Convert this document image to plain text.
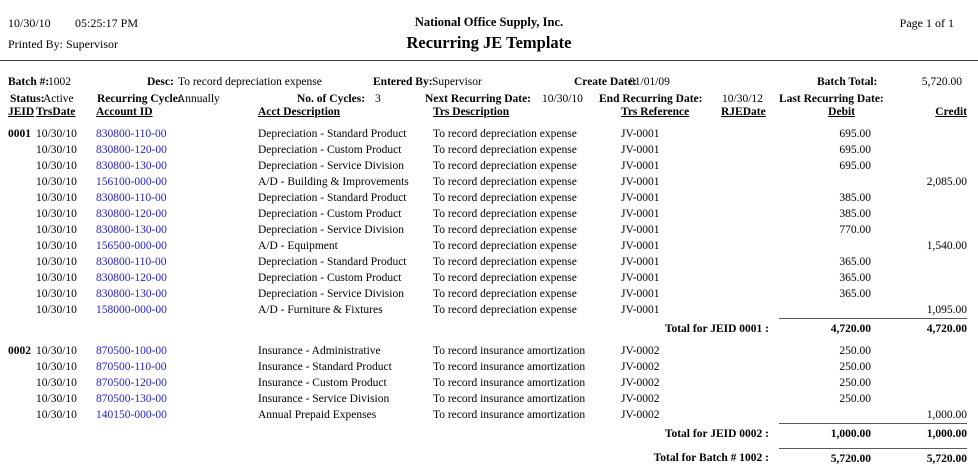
10/30/10 05:25:17 PM
Printed By: Supervisor
National Office Supply, Inc.
Recurring JE Template
Page 1 of 1
Batch #:
1002	Desc: To record depreciation expense	Entered By: Supervisor	Create Date:
01/01/09	Batch Total:	5,720.00
Status:
Active Recurring Cycle:
Annually	No. of Cycles: 3	Next Recurring Date: 10/30/10 End Recurring Date: 10/30/12 Last Recurring Date:
JEID	TrsDate	Account ID	Acct Description	Trs Description	Trs Reference	RJEDate	Debit	Credit
0001	10/30/10	830800-110-00	Depreciation - Standard Product	To record depreciation expense	JV-0001		695.00	
	10/30/10	830800-120-00	Depreciation - Custom Product	To record depreciation expense	JV-0001		695.00	
	10/30/10	830800-130-00	Depreciation - Service Division	To record depreciation expense	JV-0001		695.00	
	10/30/10	156100-000-00	A/D - Building & Improvements	To record depreciation expense	JV-0001			2,085.00
	10/30/10	830800-110-00	Depreciation - Standard Product	To record depreciation expense	JV-0001		385.00	
	10/30/10	830800-120-00	Depreciation - Custom Product	To record depreciation expense	JV-0001		385.00	
	10/30/10	830800-130-00	Depreciation - Service Division	To record depreciation expense	JV-0001		770.00	
	10/30/10	156500-000-00	A/D - Equipment	To record depreciation expense	JV-0001			1,540.00
	10/30/10	830800-110-00	Depreciation - Standard Product	To record depreciation expense	JV-0001		365.00	
	10/30/10	830800-120-00	Depreciation - Custom Product	To record depreciation expense	JV-0001		365.00	
	10/30/10	830800-130-00	Depreciation - Service Division	To record depreciation expense	JV-0001		365.00	
	10/30/10	158000-000-00	A/D - Furniture & Fixtures	To record depreciation expense	JV-0001			1,095.00
Total for JEID 0001 :							4,720.00	4,720.00

0002	10/30/10	870500-100-00	Insurance - Administrative	To record insurance amortization	JV-0002		250.00	
	10/30/10	870500-110-00	Insurance - Standard Product	To record insurance amortization	JV-0002		250.00	
	10/30/10	870500-120-00	Insurance - Custom Product	To record insurance amortization	JV-0002		250.00	
	10/30/10	870500-130-00	Insurance - Service Division	To record insurance amortization	JV-0002		250.00	
	10/30/10	140150-000-00	Annual Prepaid Expenses	To record insurance amortization	JV-0002			1,000.00
Total for JEID 0002 :							1,000.00	1,000.00

Total for Batch # 1002 :							5,720.00	5,720.00
